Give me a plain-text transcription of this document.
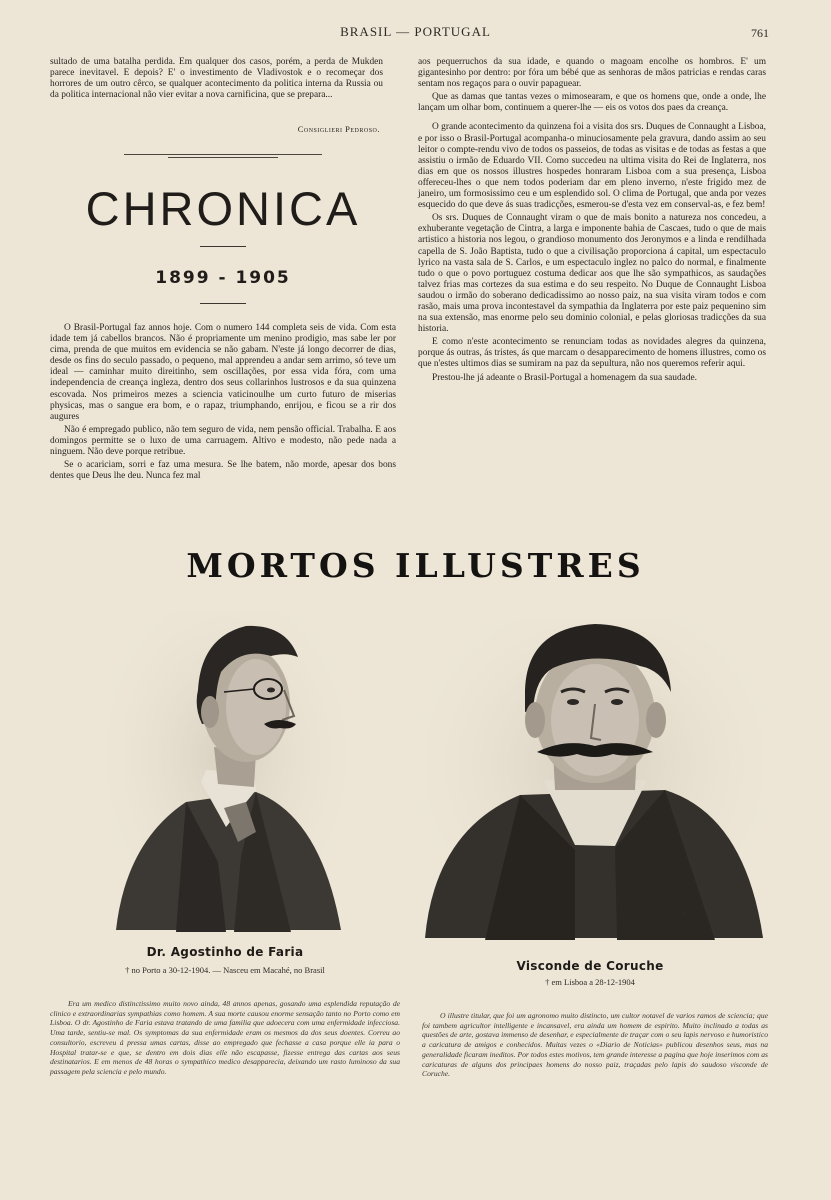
BRASIL — PORTUGAL	761

sultado de uma batalha perdida. Em qualquer dos casos, porém, a perda de Mukden parece inevitavel. E depois? E' o investimento de Vladivostok e o recomeçar dos horrores de um outro cêrco, se qualquer acontecimento da politica interna da Russia ou da politica internacional não vier evitar a nova carnificina, que se prepara...

Consiglieri Pedroso.
CHRONICA
1899 - 1905

O Brasil-Portugal faz annos hoje. Com o numero 144 completa seis de vida. Com esta idade tem já cabellos brancos. Não é propriamente um menino prodigio, mas sabe ler por cima, prenda de que muitos em evidencia se não gabam. N'este já longo decorrer de dias, desde os fins do seculo passado, o pequeno, mal apprendeu a andar sem arrimo, só teve um ideal — caminhar muito direitinho, sem oscillações, por essa vida fóra, com uma independencia de creança ingleza, dentro dos seus collarinhos lustrosos e da sua quinzena escovada. Nos primeiros mezes a sciencia vaticinoulhe um curto futuro de miserias physicas, mas o sangue era bom, e o rapaz, triumphando, enrijou, e ficou se a rir dos augures

Não é empregado publico, não tem seguro de vida, nem pensão official. Trabalha. E aos domingos permitte se o luxo de uma carruagem. Altivo e modesto, não pede nada a ninguem. Não deve porque retribue.

Se o acariciam, sorri e faz uma mesura. Se lhe batem, não morde, apesar dos bons dentes que Deus lhe deu. Nunca fez mal

aos pequerruchos da sua idade, e quando o magoam encolhe os hombros. E' um gigantesinho por dentro: por fóra um bébé que as senhoras de mãos patricias e rendas caras sentam nos regaços para o ouvir papaguear.

Que as damas que tantas vezes o mimosearam, e que os homens que, onde a onde, lhe lançam um olhar bom, continuem a querer-lhe — eis os votos dos paes da creança.

O grande acontecimento da quinzena foi a visita dos srs. Duques de Connaught a Lisboa, e por isso o Brasil-Portugal acompanha-o minuciosamente pela gravura, dando assim ao seu leitor o compte-rendu vivo de todos os passeios, de todas as visitas e de todas as festas a que assistiu o irmão de Eduardo VII. Como succedeu na ultima visita do Rei de Inglaterra, nos dias em que os nossos illustres hospedes honraram Lisboa com a sua presença, Lisboa offereceu-lhes o que nem todos poderiam dar em pleno inverno, n'este frigido mez de janeiro, um formosissimo ceu e um esplendido sol. O clima de Portugal, que anda por vezes esquecido do que deve ás suas tradicções, esmerou-se d'esta vez em conserval-as, e fez bem!

Os srs. Duques de Connaught viram o que de mais bonito a natureza nos concedeu, a exhuberante vegetação de Cintra, a larga e imponente bahia de Cascaes, tudo o que de mais artistico a historia nos legou, o grandioso monumento dos Jeronymos e a linda e rendilhada capella de S. João Baptista, tudo o que a civilisação proporciona á capital, um espectaculo lyrico na vasta sala de S. Carlos, e um espectaculo inglez no palco do normal, e finalmente tudo o que o povo portuguez costuma dedicar aos que lhe são sympathicos, as saudações talvez frias mas cortezes da sua estima e do seu respeito. No Duque de Connaught Lisboa saudou o irmão do soberano dedicadissimo ao nosso paiz, na sua visita viram todos e com rasão, mais uma prova incontestavel da sympathia da Inglaterra por este paiz pequenino sim na sua extensão, mas enorme pelo seu dominio colonial, e pelas gloriosas tradicções da sua historia.

E como n'este acontecimento se renunciam todas as novidades alegres da quinzena, porque ás outras, ás tristes, ás que marcam o desapparecimento de homens illustres, como os que n'estes ultimos dias se sumiram na paz da sepultura, não nos queremos referir aqui.

Prestou-lhe já adeante o Brasil-Portugal a homenagem da sua saudade.

MORTOS ILLUSTRES
~
Dr. Agostinho de Faria
† no Porto a 30-12-1904. — Nasceu em Macahé, no Brasil	Visconde de Coruche
† em Lisboa a 28-12-1904

Era um medico distinctissimo muito novo ainda, 48 annos apenas, gosando uma esplendida reputação de clinico e extraordinarias sympathias como homem. A sua morte causou enorme sensação tanto no Porto como em Lisboa. O dr. Agostinho de Faria estava tratando de uma familia que adoecera com uma enfermidade infecciosa. Uma tarde, sentiu-se mal. Os symptomas da sua enfermidade eram os mesmos da dos seus doentes. Correu ao consultorio, escreveu á pressa umas cartas, disse ao empregado que fechasse a casa porque elle ia para o Hospital tratar-se e que, se dentro em dois dias elle não escapasse, fizesse entrega das cartas aos seus destinatarios. E em menos de 48 horas o sympathico medico desapparecia, deixando um rasto luminoso da sua passagem pela sciencia e pelo mundo.

O illustre titular, que foi um agronomo muito distincto, um cultor notavel de varios ramos de sciencia; que foi tambem agricultor intelligente e incansavel, era ainda um homem de espirito. Muito inclinado a todas as questões de arte, gostava immenso de desenhar, e especialmente de traçar com o seu lapis nervoso e humoristico a caricatura de amigos e conhecidos. Muitas vezes o «Diario de Noticias» publicou desenhos seus, mas na generalidade ficaram ineditos. Por todos estes motivos, tem grande interesse a pagina que hoje inserimos com as caricaturas de alguns dos principaes homens do nosso paiz, traçadas pelo lapis do saudoso visconde de Coruche.
